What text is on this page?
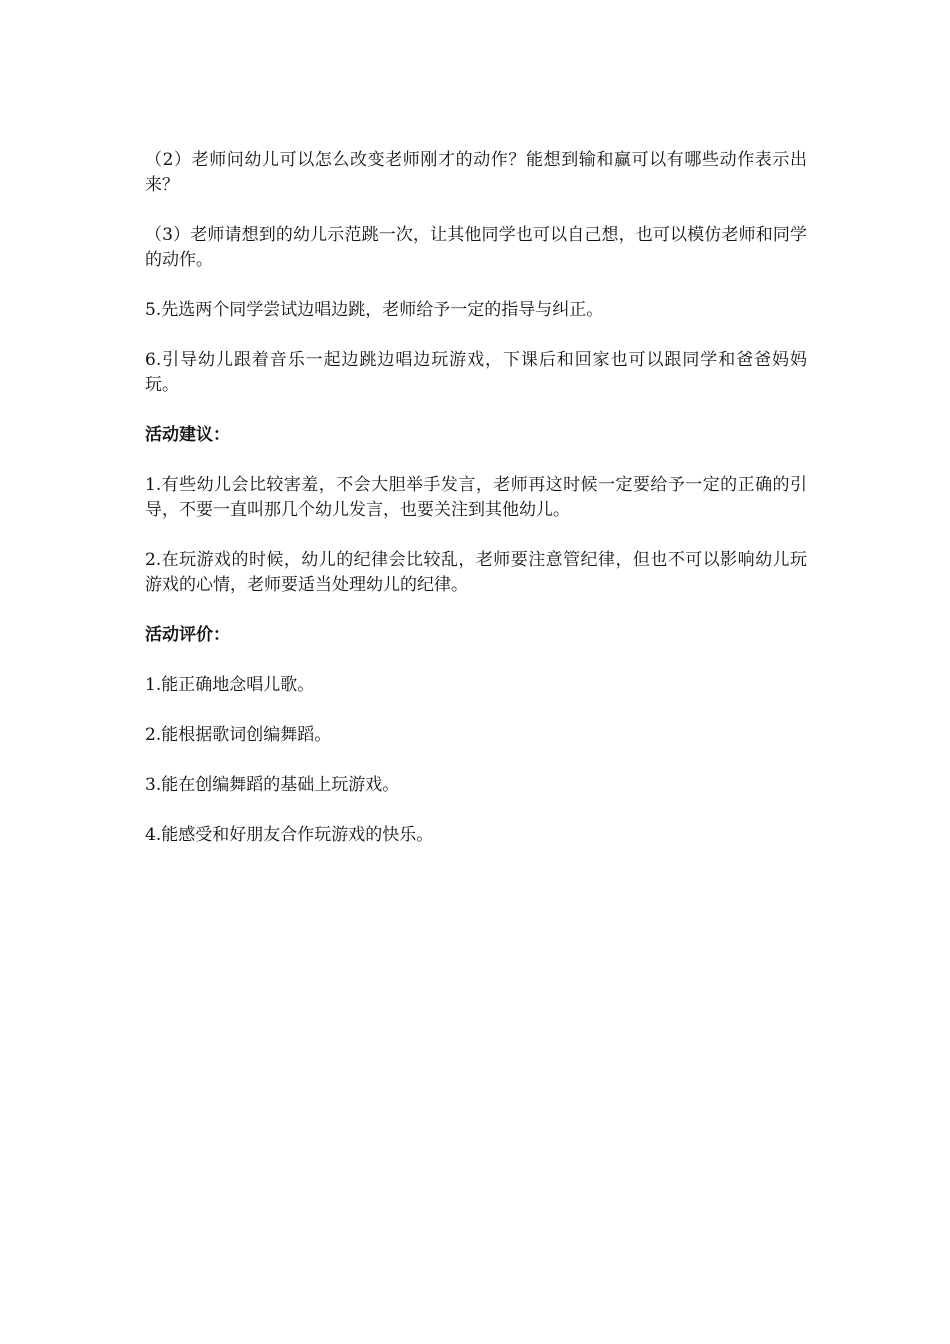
（2）老师问幼儿可以怎么改变老师刚才的动作？能想到输和赢可以有哪些动作表示出来？

（3）老师请想到的幼儿示范跳一次，让其他同学也可以自己想，也可以模仿老师和同学的动作。

5.先选两个同学尝试边唱边跳，老师给予一定的指导与纠正。

6.引导幼儿跟着音乐一起边跳边唱边玩游戏，下课后和回家也可以跟同学和爸爸妈妈玩。

活动建议：

1.有些幼儿会比较害羞，不会大胆举手发言，老师再这时候一定要给予一定的正确的引导，不要一直叫那几个幼儿发言，也要关注到其他幼儿。

2.在玩游戏的时候，幼儿的纪律会比较乱，老师要注意管纪律，但也不可以影响幼儿玩游戏的心情，老师要适当处理幼儿的纪律。

活动评价：

1.能正确地念唱儿歌。

2.能根据歌词创编舞蹈。

3.能在创编舞蹈的基础上玩游戏。

4.能感受和好朋友合作玩游戏的快乐。
